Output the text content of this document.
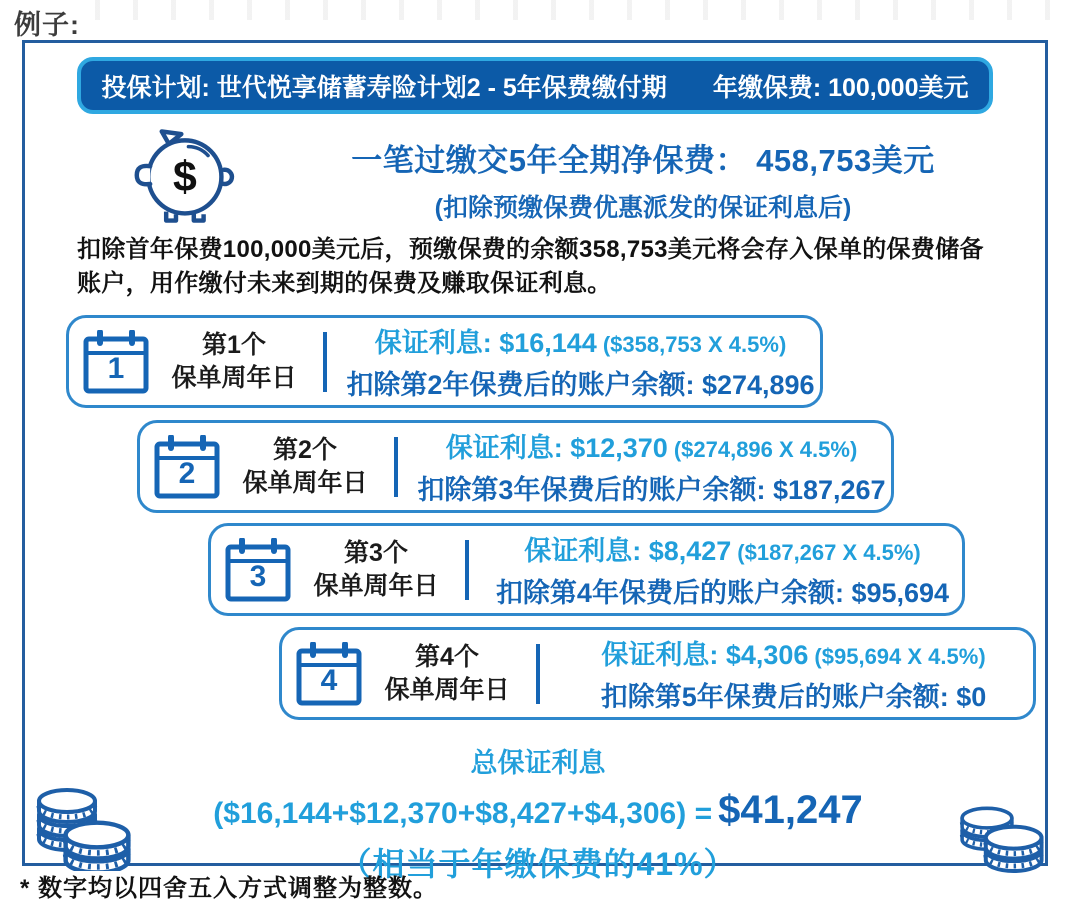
例子:
投保计划: 世代悦享储蓄寿险计划2 - 5年保费缴付期 年缴保费: 100,000美元
$	一笔过缴交5年全期净保费： 458,753美元
(扣除预缴保费优惠派发的保证利息后)
扣除首年保费100,000美元后，预缴保费的余额358,753美元将会存入保单的保费储备
账户，用作缴付未来到期的保费及赚取保证利息。
1
第1个
保单周年日
保证利息: $16,144 ($358,753 X 4.5%)
扣除第2年保费后的账户余额: $274,896
2
第2个
保单周年日
保证利息: $12,370 ($274,896 X 4.5%)
扣除第3年保费后的账户余额: $187,267
3
第3个
保单周年日
保证利息: $8,427 ($187,267 X 4.5%)
扣除第4年保费后的账户余额: $95,694
4
第4个
保单周年日
保证利息: $4,306 ($95,694 X 4.5%)
扣除第5年保费后的账户余额: $0
总保证利息
($16,144+$12,370+$8,427+$4,306) = $41,247
（相当于年缴保费的41%）
* 数字均以四舍五入方式调整为整数。
